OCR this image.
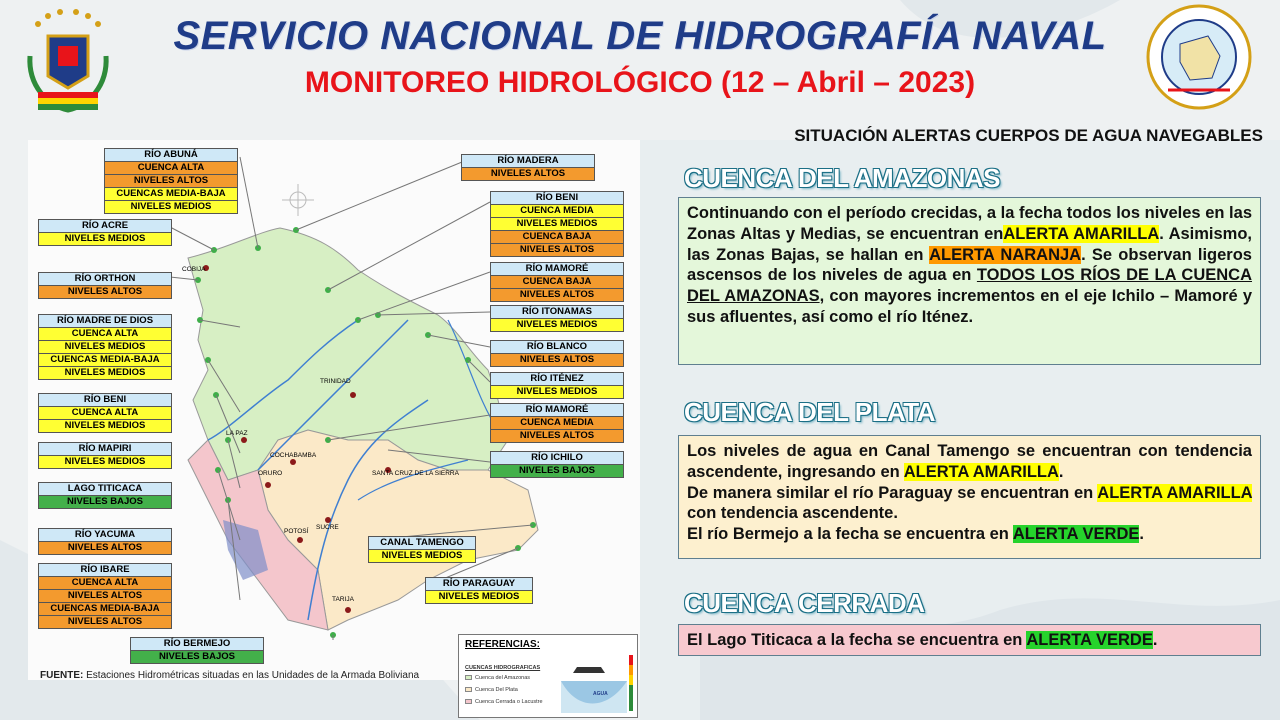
SERVICIO NACIONAL DE HIDROGRAFÍA NAVAL
MONITOREO HIDROLÓGICO (12 – Abril – 2023)
SITUACIÓN ALERTAS CUERPOS DE AGUA NAVEGABLES
CUENCA DEL AMAZONAS
Continuando con el período crecidas, a la fecha todos los niveles en las Zonas Altas y Medias, se encuentran enALERTA AMARILLA. Asimismo, las Zonas Bajas, se hallan en ALERTA NARANJA. Se observan ligeros ascensos de los niveles de agua en TODOS LOS RÍOS DE LA CUENCA DEL AMAZONAS, con mayores incrementos en el eje Ichilo – Mamoré y sus afluentes, así como el río Iténez.
CUENCA DEL PLATA
Los niveles de agua en Canal Tamengo se encuentran con tendencia ascendente, ingresando en ALERTA AMARILLA.
De manera similar el río Paraguay se encuentran en ALERTA AMARILLA con tendencia ascendente.
El río Bermejo a la fecha se encuentra en ALERTA VERDE.
CUENCA CERRADA
El Lago Titicaca a la fecha se encuentra en ALERTA VERDE.
COBIJA
TRINIDAD
LA PAZ
COCHABAMBA
SANTA CRUZ DE LA SIERRA
ORURO
SUCRE
POTOSÍ
TARIJA
RÍO ABUNÁ
CUENCA ALTA
NIVELES ALTOS
CUENCAS MEDIA-BAJA
NIVELES MEDIOS
RÍO ACRE
NIVELES MEDIOS
RÍO ORTHON
NIVELES ALTOS
RÍO MADRE DE DIOS
CUENCA ALTA
NIVELES MEDIOS
CUENCAS MEDIA-BAJA
NIVELES MEDIOS
RÍO BENI
CUENCA ALTA
NIVELES MEDIOS
RÍO MAPIRI
NIVELES MEDIOS
LAGO TITICACA
NIVELES BAJOS
RÍO YACUMA
NIVELES ALTOS
RÍO IBARE
CUENCA ALTA
NIVELES ALTOS
CUENCAS MEDIA-BAJA
NIVELES ALTOS
RÍO BERMEJO
NIVELES BAJOS
RÍO MADERA
NIVELES ALTOS
RÍO BENI
CUENCA MEDIA
NIVELES MEDIOS
CUENCA BAJA
NIVELES ALTOS
RÍO MAMORÉ
CUENCA BAJA
NIVELES ALTOS
RÍO ITONAMAS
NIVELES MEDIOS
RÍO BLANCO
NIVELES ALTOS
RÍO ITÉNEZ
NIVELES MEDIOS
RÍO MAMORÉ
CUENCA MEDIA
NIVELES ALTOS
RÍO ICHILO
NIVELES BAJOS
CANAL TAMENGO
NIVELES MEDIOS
RÍO PARAGUAY
NIVELES MEDIOS
FUENTE: Estaciones Hidrométricas situadas en las Unidades de la Armada Boliviana
REFERENCIAS:
CUENCAS HIDROGRAFICAS
Cuenca del Amazonas
Cuenca Del Plata
Cuenca Cerrada o Lacustre
AGUA
